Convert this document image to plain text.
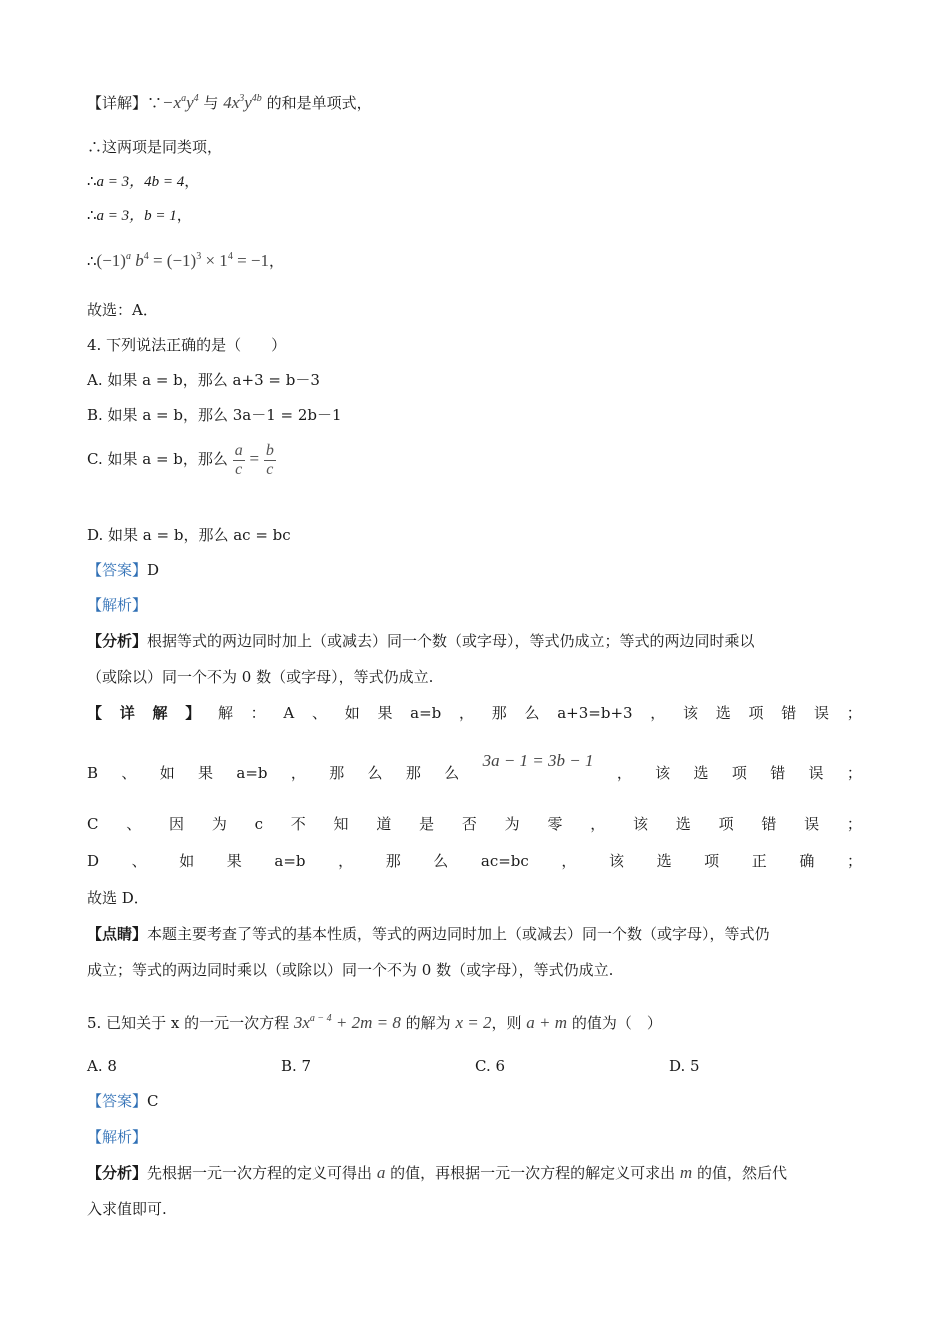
【详解】$\because-x^ay^4$ 与 $4x^3y^{4b}$ 的和是单项式，
∴这两项是同类项，
∴a = 3，4b = 4，
∴a = 3，b = 1，
$\therefore(-1)^a$ $b^4 = (-1)^3 \times 1^4 = -1$，
故选：A．
4. 下列说法正确的是（　　）
A. 如果 a = b，那么 a+3 = b－3
B. 如果 a = b，那么 3a－1 = 2b－1
C. 如果 a = b，那么 $\frac{a}{c} = \frac{b}{c}$
D. 如果 a = b，那么 ac = bc
【答案】D
【解析】
【分析】根据等式的两边同时加上（或减去）同一个数（或字母），等式仍成立；等式的两边同时乘以
（或除以）同一个不为 0 数（或字母），等式仍成立.
【 详 解 】 解 ： A 、 如 果 a=b ， 那 么 a+3=b+3 ， 该 选 项 错 误 ；
B 、 如 果 a=b ， 那 么 那 么
3a − 1 = 3b − 1
， 该 选 项 错 误 ；
C 、 因 为 c 不 知 道 是 否 为 零 ， 该 选 项 错 误 ；
D 、 如 果 a=b ， 那 么 ac=bc ， 该 选 项 正 确 ；
故选 D．
【点睛】本题主要考查了等式的基本性质，等式的两边同时加上（或减去）同一个数（或字母），等式仍
成立；等式的两边同时乘以（或除以）同一个不为 0 数（或字母），等式仍成立.
5. 已知关于 x 的一元一次方程 $3x^{a - 4} + 2m = 8$ 的解为 x = 2，则 a + m 的值为（　）
A. 8	B. 7	C. 6	D. 5
【答案】C
【解析】
【分析】先根据一元一次方程的定义可得出 a 的值，再根据一元一次方程的解定义可求出 m 的值，然后代
入求值即可.
